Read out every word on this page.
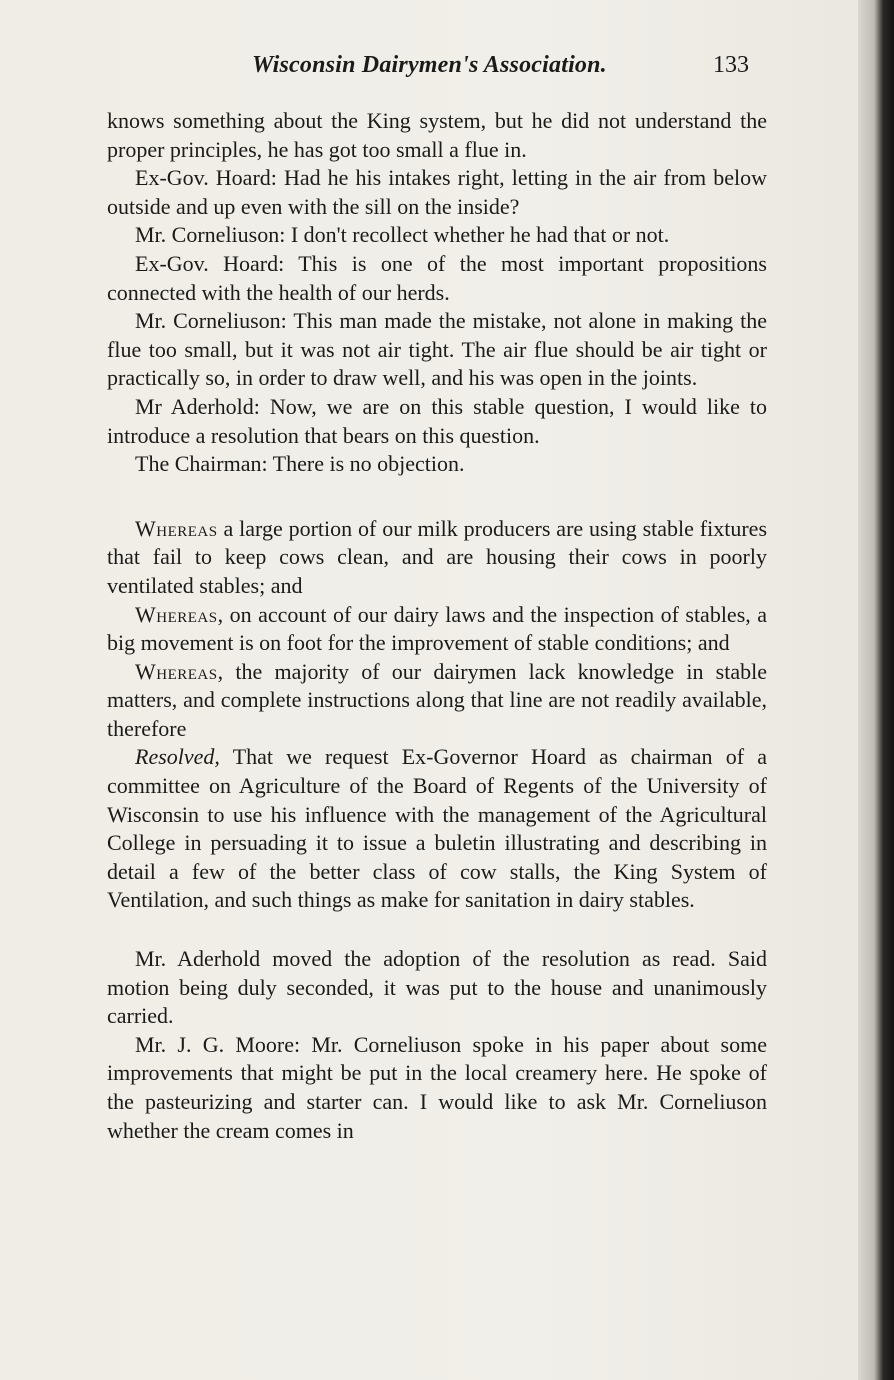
Wisconsin Dairymen's Association.	133

knows something about the King system, but he did not understand the proper principles, he has got too small a flue in.

Ex-Gov. Hoard: Had he his intakes right, letting in the air from below outside and up even with the sill on the inside?

Mr. Corneliuson: I don't recollect whether he had that or not.

Ex-Gov. Hoard: This is one of the most important propositions connected with the health of our herds.

Mr. Corneliuson: This man made the mistake, not alone in making the flue too small, but it was not air tight. The air flue should be air tight or practically so, in order to draw well, and his was open in the joints.

Mr Aderhold: Now, we are on this stable question, I would like to introduce a resolution that bears on this question.

The Chairman: There is no objection.

Whereas a large portion of our milk producers are using stable fixtures that fail to keep cows clean, and are housing their cows in poorly ventilated stables; and

Whereas, on account of our dairy laws and the inspection of stables, a big movement is on foot for the improvement of stable conditions; and

Whereas, the majority of our dairymen lack knowledge in stable matters, and complete instructions along that line are not readily available, therefore

Resolved, That we request Ex-Governor Hoard as chairman of a committee on Agriculture of the Board of Regents of the University of Wisconsin to use his influence with the management of the Agricultural College in persuading it to issue a buletin illustrating and describing in detail a few of the better class of cow stalls, the King System of Ventilation, and such things as make for sanitation in dairy stables.

Mr. Aderhold moved the adoption of the resolution as read. Said motion being duly seconded, it was put to the house and unanimously carried.

Mr. J. G. Moore: Mr. Corneliuson spoke in his paper about some improvements that might be put in the local creamery here. He spoke of the pasteurizing and starter can. I would like to ask Mr. Corneliuson whether the cream comes in
